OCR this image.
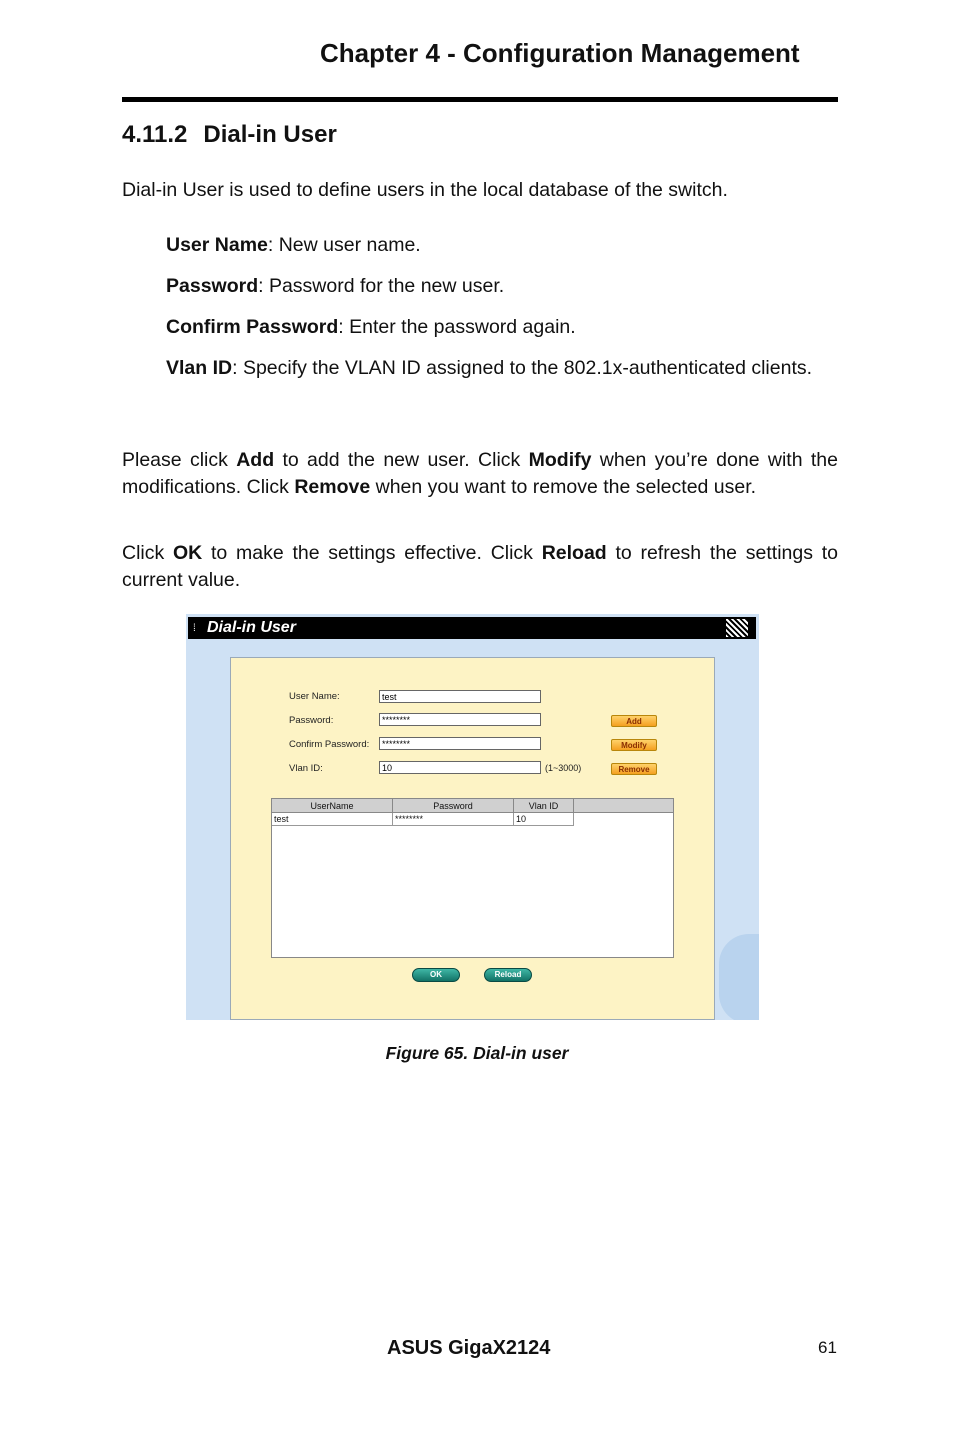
Chapter 4 - Configuration Management
4.11.2 Dial-in User
Dial-in User is used to define users in the local database of the switch.

User Name: New user name.

Password: Password for the new user.

Confirm Password: Enter the password again.

Vlan ID: Specify the VLAN ID assigned to the 802.1x-authenticated clients.

Please click Add to add the new user. Click Modify when you’re done with the modifications. Click Remove when you want to remove the selected user.

Click OK to make the settings effective. Click Reload to refresh the settings to current value.

⁞ Dial-in User
User Name:	test
Password:	********
Confirm Password:	********
Vlan ID:	10	(1~3000)
Add
Modify
Remove
UserName	Password	Vlan ID
test	********	10
OK	Reload
Figure 65. Dial-in user
ASUS GigaX2124	61
